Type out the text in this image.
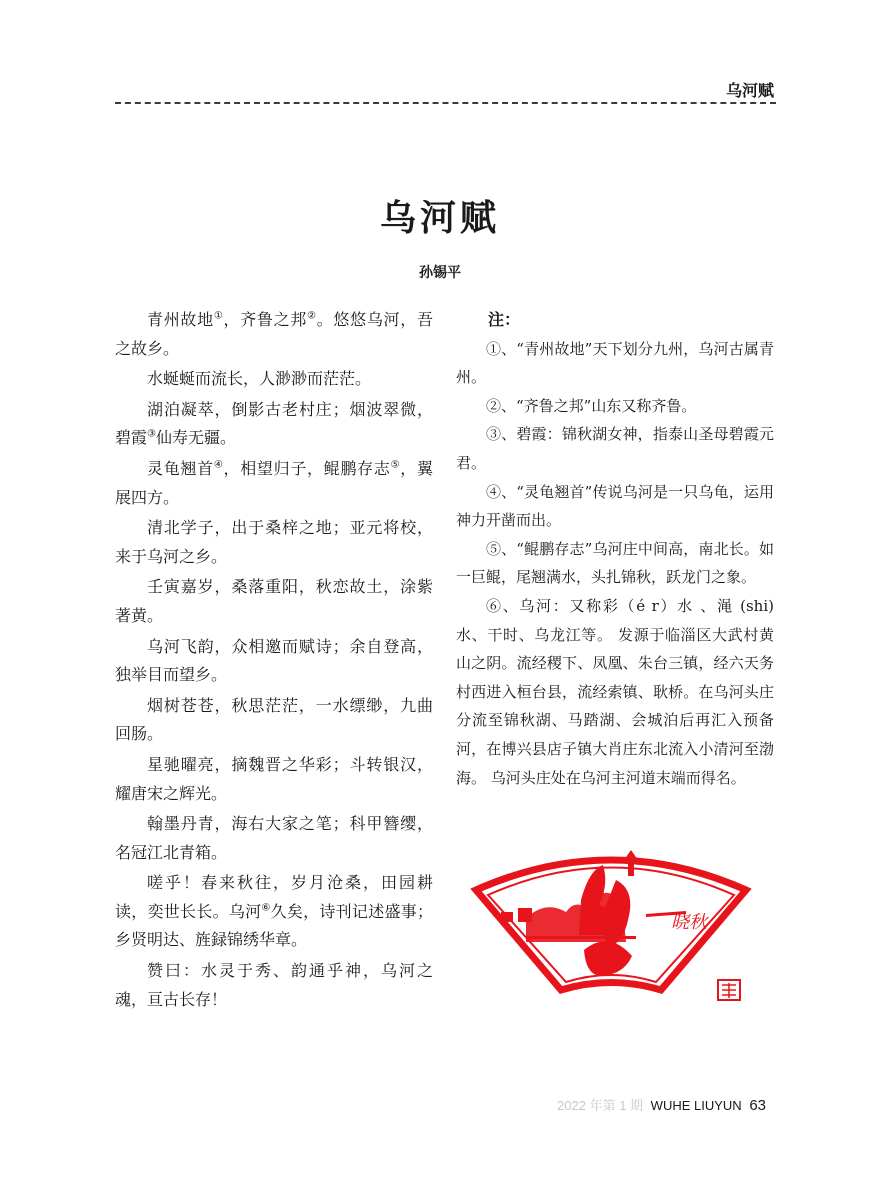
乌河赋
乌河赋
孙锡平
青州故地①，齐鲁之邦②。悠悠乌河，吾之故乡。
水蜒蜒而流长，人渺渺而茫茫。
湖泊凝萃，倒影古老村庄；烟波翠微，碧霞③仙寿无疆。
灵龟翘首④，相望归子，鲲鹏存志⑤，翼展四方。
清北学子，出于桑梓之地；亚元将校，来于乌河之乡。
壬寅嘉岁，桑落重阳，秋恋故土，涂紫著黄。
乌河飞韵，众相邀而赋诗；余自登高，独举目而望乡。
烟树苍苍，秋思茫茫，一水缥缈，九曲回肠。
星驰曜亮，摘魏晋之华彩；斗转银汉，耀唐宋之辉光。
翰墨丹青，海右大家之笔；科甲簪缨，名冠江北青箱。
嗟乎！春来秋往，岁月沧桑，田园耕读，奕世长长。乌河⑥久矣，诗刊记述盛事；乡贤明达、旌録锦绣华章。
赞曰：水灵于秀、韵通乎神，乌河之魂，亘古长存！
注：
①、“青州故地”天下划分九州，乌河古属青州。
②、“齐鲁之邦”山东又称齐鲁。
③、碧霞：锦秋湖女神，指泰山圣母碧霞元君。
④、“灵龟翘首”传说乌河是一只乌龟，运用神力开凿而出。
⑤、“鲲鹏存志”乌河庄中间高，南北长。如一巨鲲，尾翘满水，头扎锦秋，跃龙门之象。
⑥、乌河：又称彩（é r）水 、渑 (shi) 水、干时、乌龙江等。 发源于临淄区大武村黄山之阴。流经稷下、凤凰、朱台三镇，经六天务村西进入桓台县，流经索镇、耿桥。在乌河头庄分流至锦秋湖、马踏湖、会城泊后再汇入预备河，在博兴县店子镇大肖庄东北流入小清河至渤海。 乌河头庄处在乌河主河道末端而得名。
晓秋
2022 年第 1 期 WUHE LIUYUN 63
